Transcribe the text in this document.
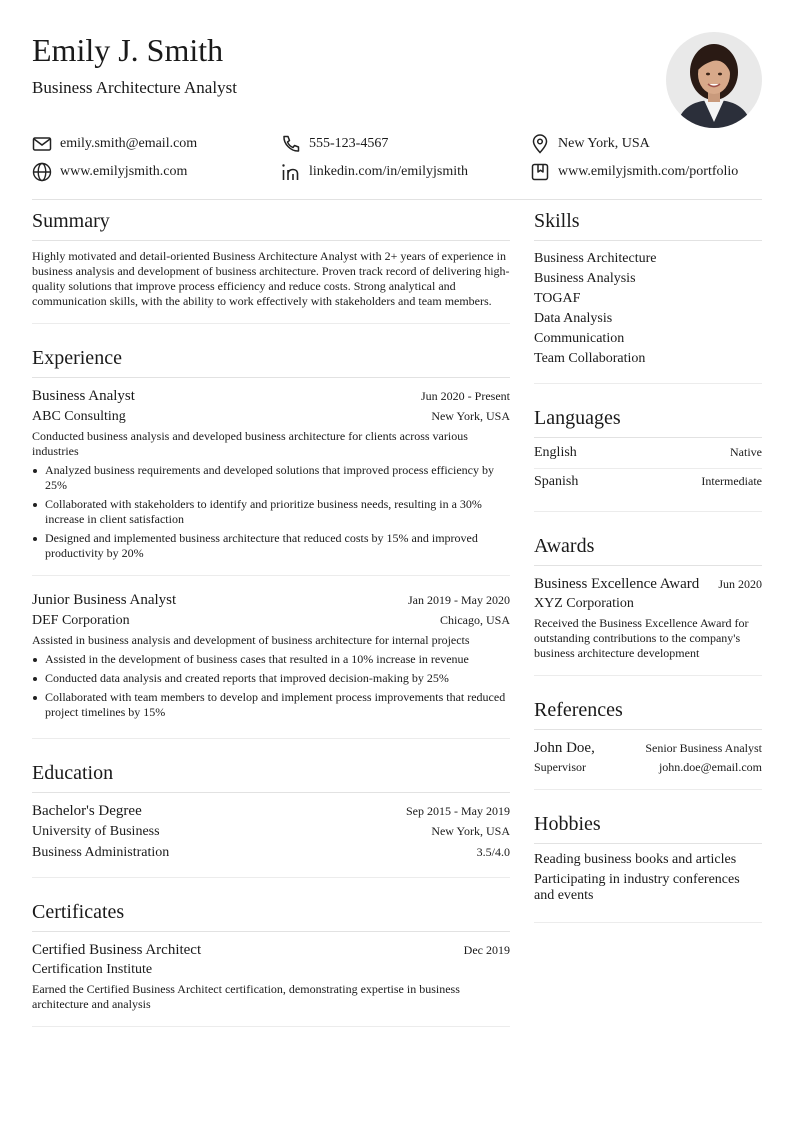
Emily J. Smith
Business Architecture Analyst
emily.smith@email.com	555-123-4567	New York, USA
www.emilyjsmith.com	linkedin.com/in/emilyjsmith	www.emilyjsmith.com/portfolio
Summary

Highly motivated and detail-oriented Business Architecture Analyst with 2+ years of experience in business analysis and development of business architecture. Proven track record of delivering high-quality solutions that improve process efficiency and reduce costs. Strong analytical and communication skills, with the ability to work effectively with stakeholders and team members.

Experience
Business Analyst	Jun 2020 - Present
ABC Consulting	New York, USA

Conducted business analysis and developed business architecture for clients across various industries

Analyzed business requirements and developed solutions that improved process efficiency by 25%
Collaborated with stakeholders to identify and prioritize business needs, resulting in a 30% increase in client satisfaction
Designed and implemented business architecture that reduced costs by 15% and improved productivity by 20%
Junior Business Analyst	Jan 2019 - May 2020
DEF Corporation	Chicago, USA

Assisted in business analysis and development of business architecture for internal projects

Assisted in the development of business cases that resulted in a 10% increase in revenue
Conducted data analysis and created reports that improved decision-making by 25%
Collaborated with team members to develop and implement process improvements that reduced project timelines by 15%
Education
Bachelor's Degree	Sep 2015 - May 2019
University of Business	New York, USA
Business Administration	3.5/4.0
Certificates
Certified Business Architect	Dec 2019
Certification Institute

Earned the Certified Business Architect certification, demonstrating expertise in business architecture and analysis

Skills
Business Architecture
Business Analysis
TOGAF
Data Analysis
Communication
Team Collaboration
Languages
English	Native
Spanish	Intermediate
Awards
Business Excellence Award Jun 2020
XYZ Corporation

Received the Business Excellence Award for outstanding contributions to the company's business architecture development

References
John Doe,	Senior Business Analyst
Supervisor	john.doe@email.com
Hobbies
Reading business books and articles
Participating in industry conferences and events
